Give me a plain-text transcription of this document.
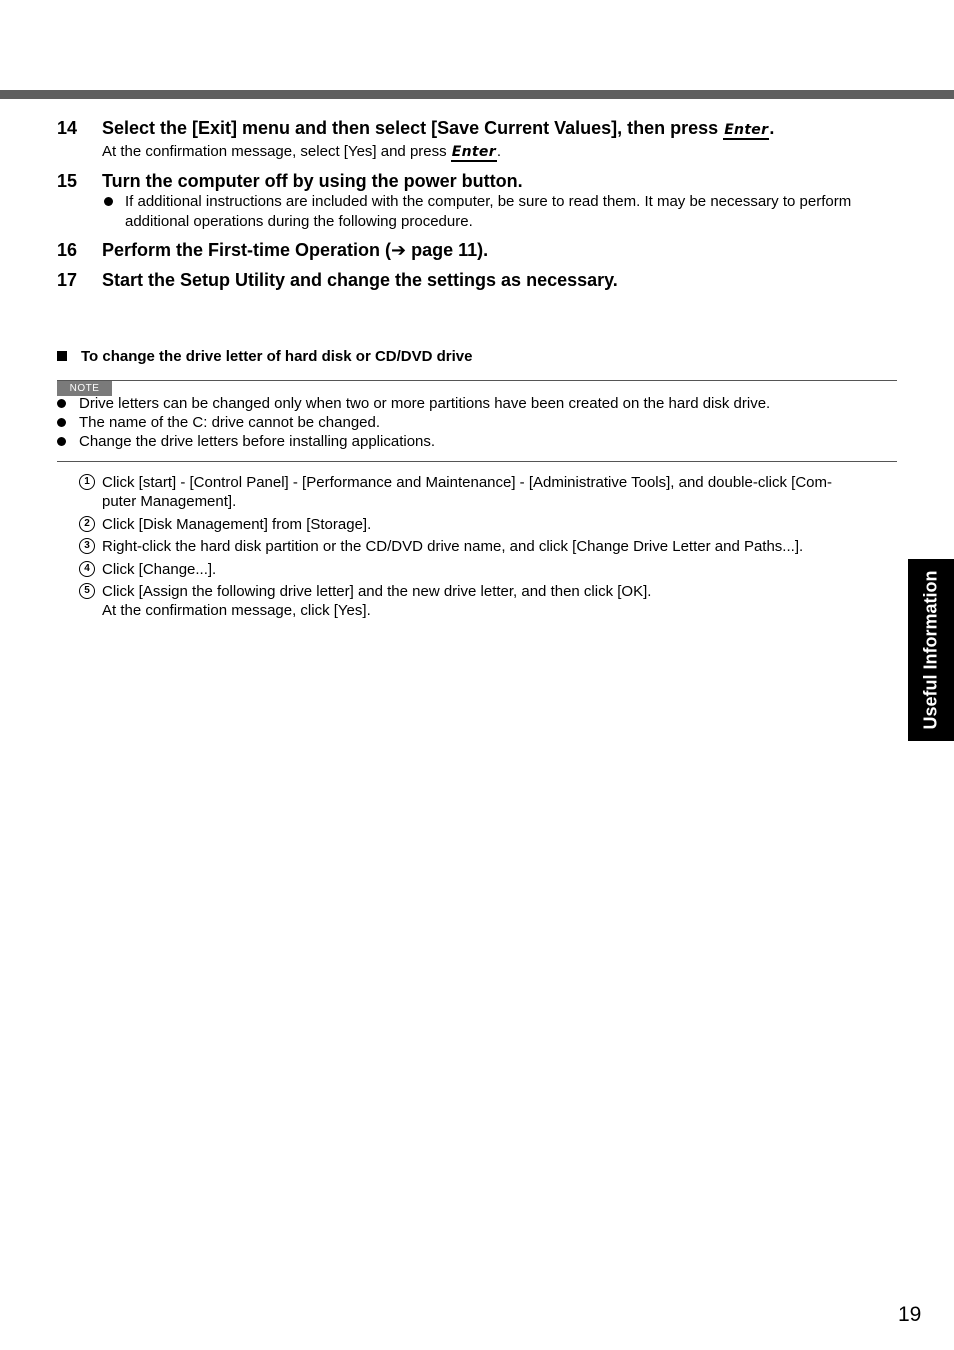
14 Select the [Exit] menu and then select [Save Current Values], then press Enter.
At the confirmation message, select [Yes] and press Enter.
15 Turn the computer off by using the power button.
If additional instructions are included with the computer, be sure to read them. It may be necessary to perform
additional operations during the following procedure.
16 Perform the First-time Operation (➔ page 11).
17 Start the Setup Utility and change the settings as necessary.
To change the drive letter of hard disk or CD/DVD drive
NOTE
Drive letters can be changed only when two or more partitions have been created on the hard disk drive.
The name of the C: drive cannot be changed.
Change the drive letters before installing applications.
1 Click [start] - [Control Panel] - [Performance and Maintenance] - [Administrative Tools], and double-click [Com-
puter Management].
2 Click [Disk Management] from [Storage].
3 Right-click the hard disk partition or the CD/DVD drive name, and click [Change Drive Letter and Paths...].
4 Click [Change...].
5 Click [Assign the following drive letter] and the new drive letter, and then click [OK].
At the confirmation message, click [Yes].	Useful Information
19
